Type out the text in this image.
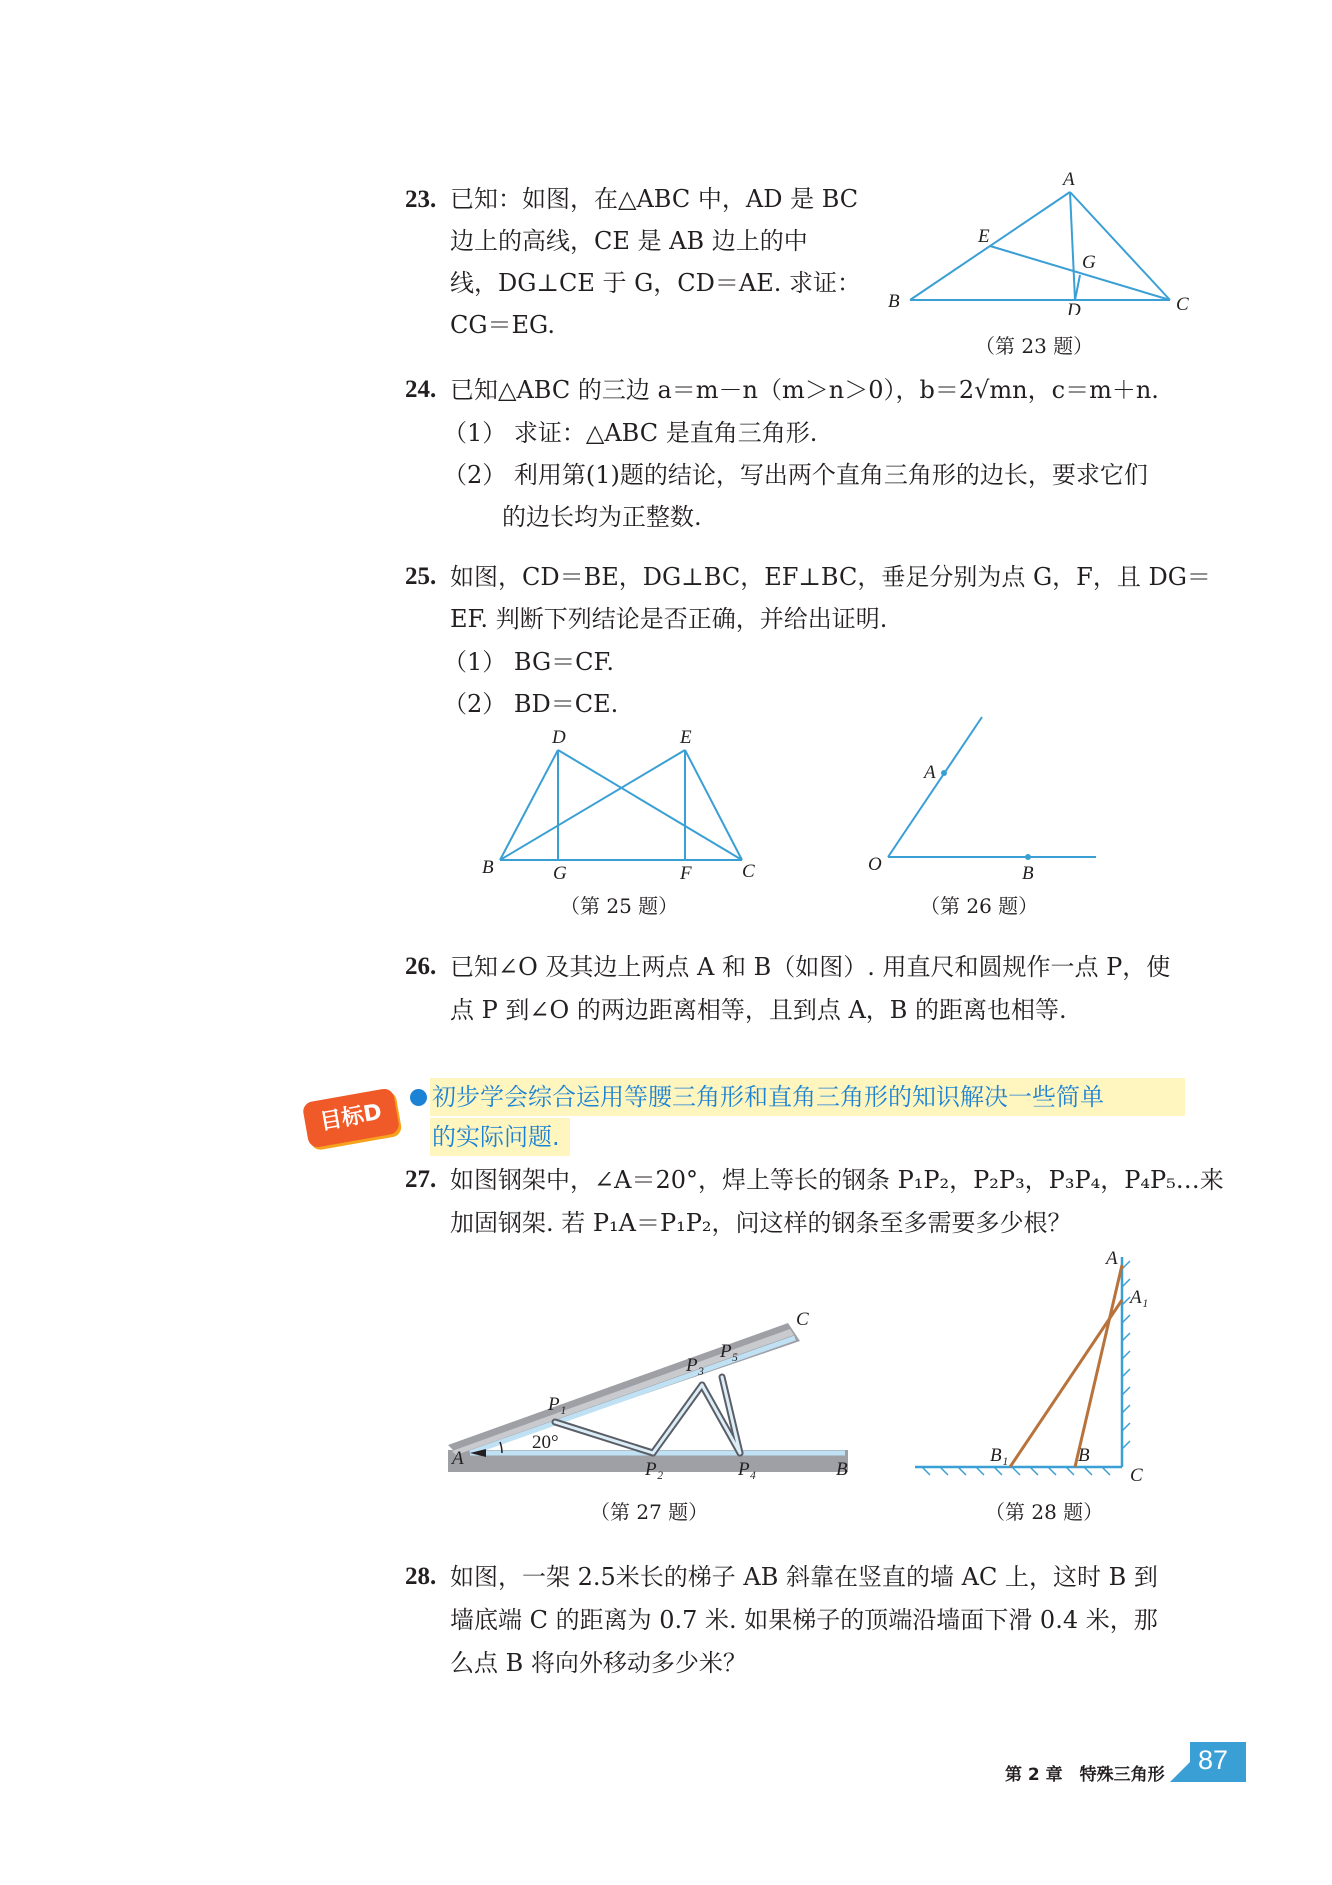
23. 已知：如图，在△ABC 中，AD 是 BC
边上的高线，CE 是 AB 边上的中
线，DG⊥CE 于 G，CD＝AE. 求证：
CG＝EG.
A
E
G
B	D	C
（第 23 题）
24. 已知△ABC 的三边 a＝m－n（m＞n＞0），b＝2√mn，c＝m＋n.
（1） 求证：△ABC 是直角三角形.
（2） 利用第(1)题的结论，写出两个直角三角形的边长，要求它们
的边长均为正整数.
25. 如图，CD＝BE，DG⊥BC，EF⊥BC，垂足分别为点 G，F，且 DG＝
EF. 判断下列结论是否正确，并给出证明.
（1） BG＝CF.
（2） BD＝CE.
D	E
B	G	F	C
（第 25 题）
A
O	B
（第 26 题）
26. 已知∠O 及其边上两点 A 和 B（如图）. 用直尺和圆规作一点 P，使
点 P 到∠O 的两边距离相等，且到点 A，B 的距离也相等.
目标D
初步学会综合运用等腰三角形和直角三角形的知识解决一些简单
的实际问题.
27. 如图钢架中，∠A＝20°，焊上等长的钢条 P₁P₂，P₂P₃，P₃P₄，P₄P₅…来
加固钢架. 若 P₁A＝P₁P₂，问这样的钢条至多需要多少根？
A
20°
P₁
P₂
P₃
P₄
P₅
B
C
（第 27 题）
A
A₁
B₁	B
C
（第 28 题）
28. 如图，一架 2.5米长的梯子 AB 斜靠在竖直的墙 AC 上，这时 B 到
墙底端 C 的距离为 0.7 米. 如果梯子的顶端沿墙面下滑 0.4 米，那
么点 B 将向外移动多少米？
第 2 章　特殊三角形 87
